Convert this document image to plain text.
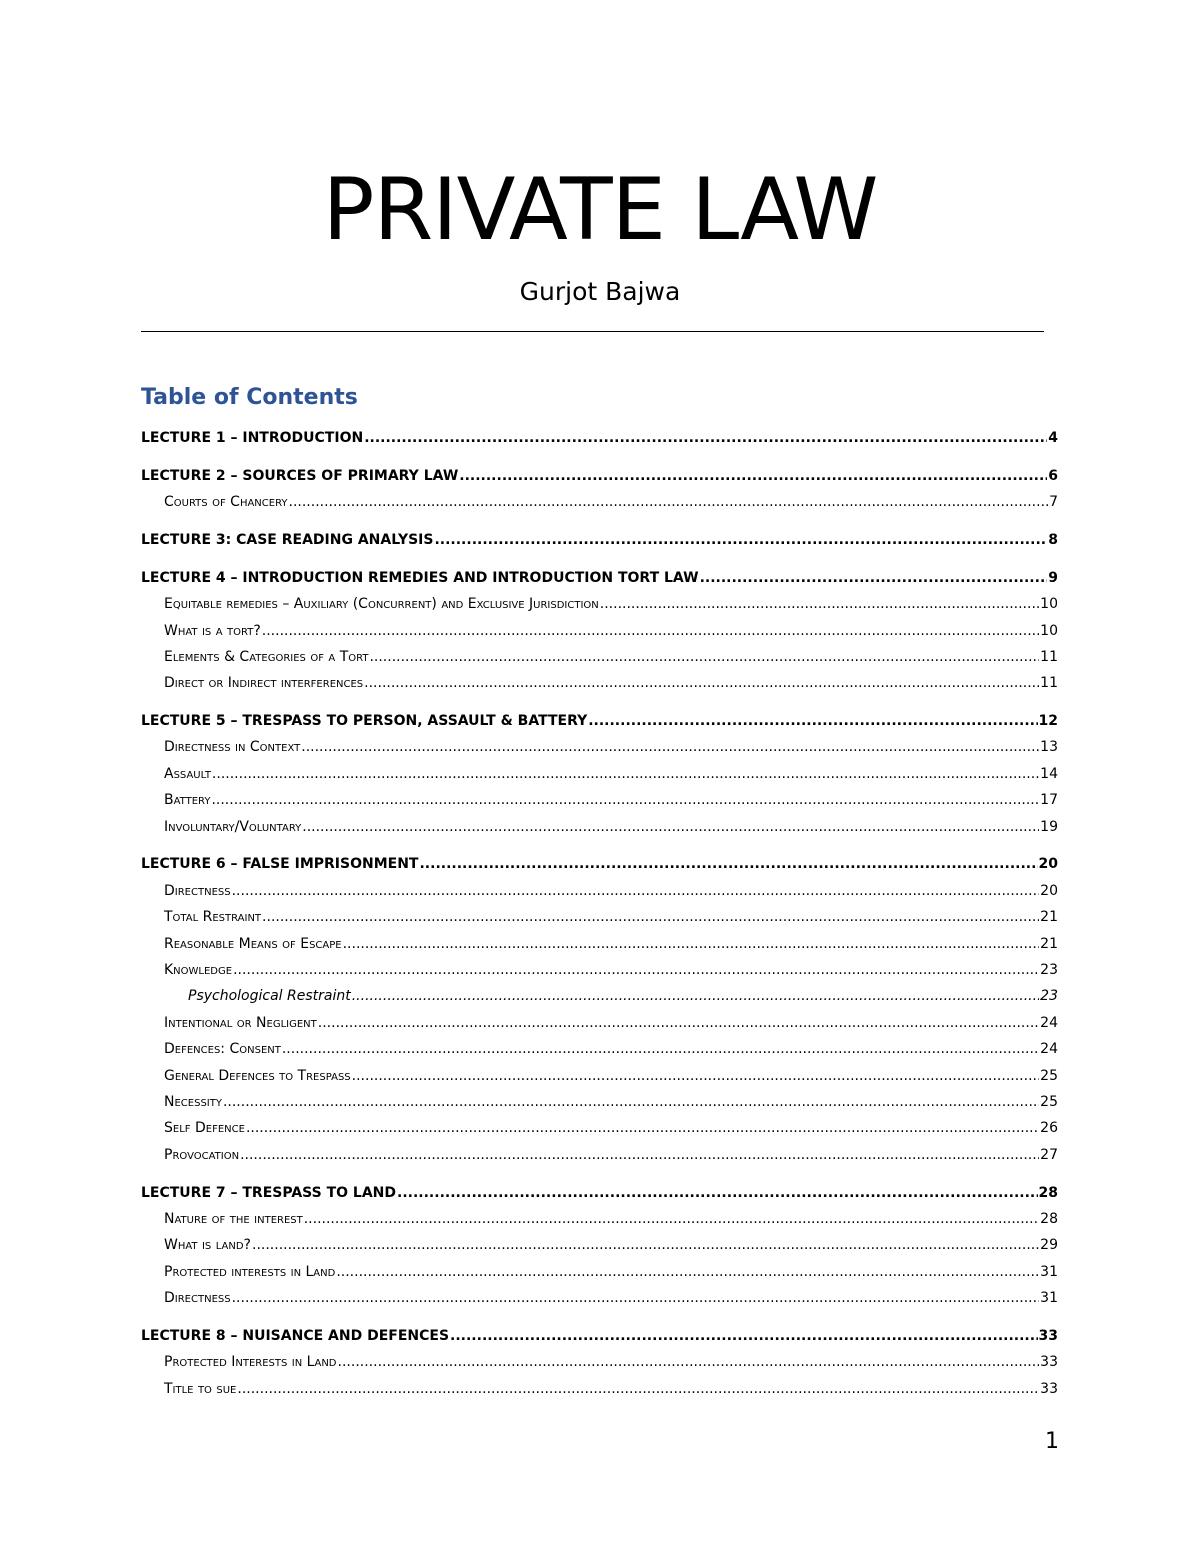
PRIVATE LAW
Gurjot Bajwa
Table of Contents
LECTURE 1 – INTRODUCTION .....	4
LECTURE 2 – SOURCES OF PRIMARY LAW .....	6
Courts of Chancery .....	7
LECTURE 3: CASE READING ANALYSIS .....	8
LECTURE 4 – INTRODUCTION REMEDIES AND INTRODUCTION TORT LAW .....	9
Equitable remedies – Auxiliary (Concurrent) and Exclusive Jurisdiction .....	10
What is a tort? .....	10
Elements & Categories of a Tort .....	11
Direct or Indirect interferences .....	11
LECTURE 5 – TRESPASS TO PERSON, ASSAULT & BATTERY .....	12
Directness in Context .....	13
Assault .....	14
Battery .....	17
Involuntary/Voluntary .....	19
LECTURE 6 – FALSE IMPRISONMENT .....	20
Directness .....	20
Total Restraint .....	21
Reasonable Means of Escape .....	21
Knowledge .....	23
Psychological Restraint .....	23
Intentional or Negligent .....	24
Defences: Consent .....	24
General Defences to Trespass .....	25
Necessity .....	25
Self Defence .....	26
Provocation .....	27
LECTURE 7 – TRESPASS TO LAND .....	28
Nature of the interest .....	28
What is land? .....	29
Protected interests in Land .....	31
Directness .....	31
LECTURE 8 – NUISANCE AND DEFENCES .....	33
Protected Interests in Land .....	33
Title to sue .....	33
1
